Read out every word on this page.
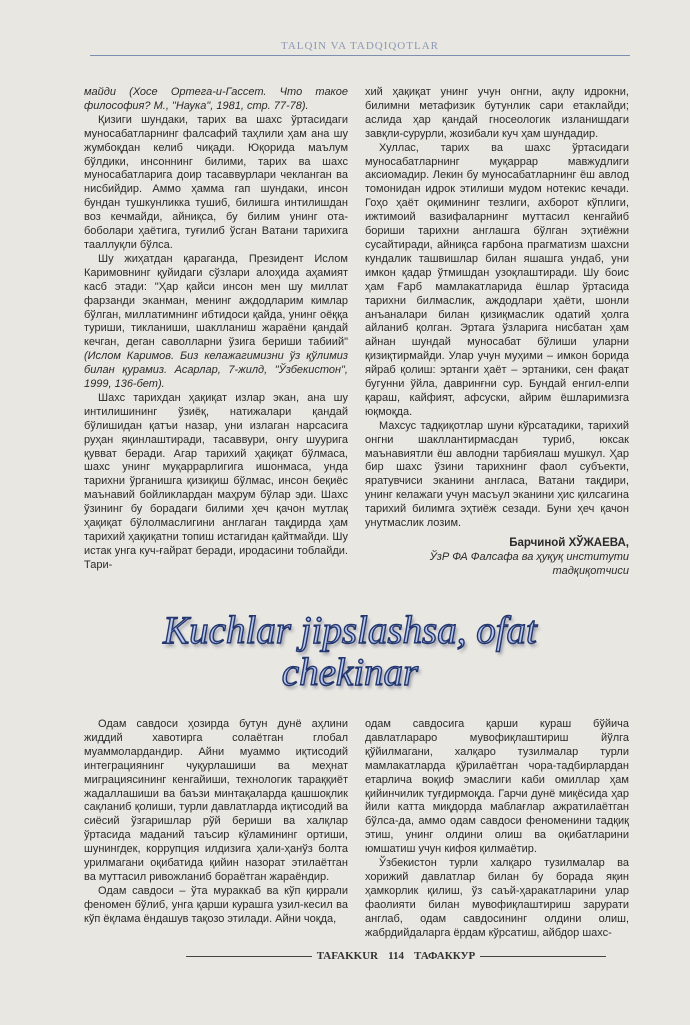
TALQIN VA TADQIQOTLAR

майди (Хосе Ортега-и-Гассет. Что такое философия? М., "Наука", 1981, стр. 77-78).

Қизиги шундаки, тарих ва шахс ўртасидаги муносабатларнинг фалсафий таҳлили ҳам ана шу жумбоқдан келиб чиқади. Юқорида маълум бўлдики, инсоннинг билими, тарих ва шахс муносабатларига доир тасаввурлари чекланган ва нисбийдир. Аммо ҳамма гап шундаки, инсон бундан тушкунликка тушиб, билишга интилишдан воз кечмайди, айниқса, бу билим унинг ота-боболари ҳаётига, туғилиб ўсган Ватани тарихига тааллуқли бўлса.

Шу жиҳатдан қараганда, Президент Ислом Каримовнинг қуйидаги сўзлари алоҳида аҳамият касб этади: "Ҳар қайси инсон мен шу миллат фарзанди эканман, менинг аждодларим кимлар бўлган, миллатимнинг ибтидоси қайда, унинг оёққа туриши, тикланиши, шаклланиш жараёни қандай кечган, деган саволларни ўзига бериши табиий" (Ислом Каримов. Биз келажагимизни ўз қўлимиз билан қурамиз. Асарлар, 7-жилд, "Ўзбекистон", 1999, 136-бет).

Шахс тарихдан ҳақиқат излар экан, ана шу интилишининг ўзиёқ, натижалари қандай бўлишидан қатъи назар, уни излаган нарсасига руҳан яқинлаштиради, тасаввури, онгу шуурига қувват беради. Агар тарихий ҳақиқат бўлмаса, шахс унинг муқаррарлигига ишонмаса, унда тарихни ўрганишга қизиқиш бўлмас, инсон беқиёс маънавий бойликлардан маҳрум бўлар эди. Шахс ўзининг бу борадаги билими ҳеч қачон мутлақ ҳақиқат бўлолмаслигини англаган тақдирда ҳам тарихий ҳақиқатни топиш истагидан қайтмайди. Шу истак унга куч-ғайрат беради, иродасини тоблайди. Тари-

хий ҳақиқат унинг учун онгни, ақлу идрокни, билимни метафизик бутунлик сари етаклайди; аслида ҳар қандай гносеологик изланишдаги завқли-сурурли, жозибали куч ҳам шундадир.

Хуллас, тарих ва шахс ўртасидаги муносабатларнинг муқаррар мавжудлиги аксиомадир. Лекин бу муносабатларнинг ёш авлод томонидан идрок этилиши мудом нотекис кечади. Гоҳо ҳаёт оқимининг тезлиги, ахборот кўплиги, ижтимоий вазифаларнинг муттасил кенгайиб бориши тарихни англашга бўлган эҳтиёжни сусайтиради, айниқса ғарбона прагматизм шахсни кундалик ташвишлар билан яшашга ундаб, уни имкон қадар ўтмишдан узоқлаштиради. Шу боис ҳам Ғарб мамлакатларида ёшлар ўртасида тарихни билмаслик, аждодлари ҳаёти, шонли анъаналари билан қизиқмаслик одатий ҳолга айланиб қолган. Эртага ўзларига нисбатан ҳам айнан шундай муносабат бўлиши уларни қизиқтирмайди. Улар учун муҳими – имкон борида яйраб қолиш: эртанги ҳаёт – эртаники, сен фақат бугунни ўйла, давринғни сур. Бундай енгил-елпи қараш, кайфият, афсуски, айрим ёшларимизга юқмоқда.

Махсус тадқиқотлар шуни кўрсатадики, тарихий онгни шакллантирмасдан туриб, юксак маънавиятли ёш авлодни тарбиялаш мушкул. Ҳар бир шахс ўзини тарихнинг фаол субъекти, яратувчиси эканини англаса, Ватани тақдири, унинг келажаги учун масъул эканини ҳис қилсагина тарихий билимга эҳтиёж сезади. Буни ҳеч қачон унутмаслик лозим.

Барчиной ХЎЖАЕВА,
ЎзР ФА Фалсафа ва ҳуқуқ институти
тадқиқотчиси
Kuchlar jipslashsa, ofat
chekinar

Одам савдоси ҳозирда бутун дунё аҳлини жиддий хавотирга солаётган глобал муаммолардандир. Айни муаммо иқтисодий интеграциянинг чуқурлашиши ва меҳнат миграциясининг кенгайиши, технологик тараққиёт жадаллашиши ва баъзи минтақаларда қашшоқлик сақланиб қолиши, турли давлатларда иқтисодий ва сиёсий ўзгаришлар рўй бериши ва халқлар ўртасида маданий таъсир кўламининг ортиши, шунингдек, коррупция илдизига ҳали-ҳанўз болта урилмагани оқибатида қийин назорат этилаётган ва муттасил ривожланиб бораётган жараёндир.

Одам савдоси – ўта мураккаб ва кўп қиррали феномен бўлиб, унга қарши курашга узил-кесил ва кўп ёқлама ёндашув тақозо этилади. Айни чоқда,

одам савдосига қарши кураш бўйича давлатлараро мувофиқлаштириш йўлга қўйилмагани, халқаро тузилмалар турли мамлакатларда қўрилаётган чора-тадбирлардан етарлича воқиф эмаслиги каби омиллар ҳам қийинчилик туғдирмоқда. Гарчи дунё миқёсида ҳар йили катта миқдорда маблағлар ажратилаётган бўлса-да, аммо одам савдоси феноменини тадқиқ этиш, унинг олдини олиш ва оқибатларини юмшатиш учун кифоя қилмаётир.

Ўзбекистон турли халқаро тузилмалар ва хорижий давлатлар билан бу борада яқин ҳамкорлик қилиш, ўз саъй-ҳаракатларини улар фаолияти билан мувофиқлаштириш зарурати англаб, одам савдосининг олдини олиш, жабрдийдаларга ёрдам кўрсатиш, айбдор шахс-

TAFAKKUR 114 ТАФАККУР
